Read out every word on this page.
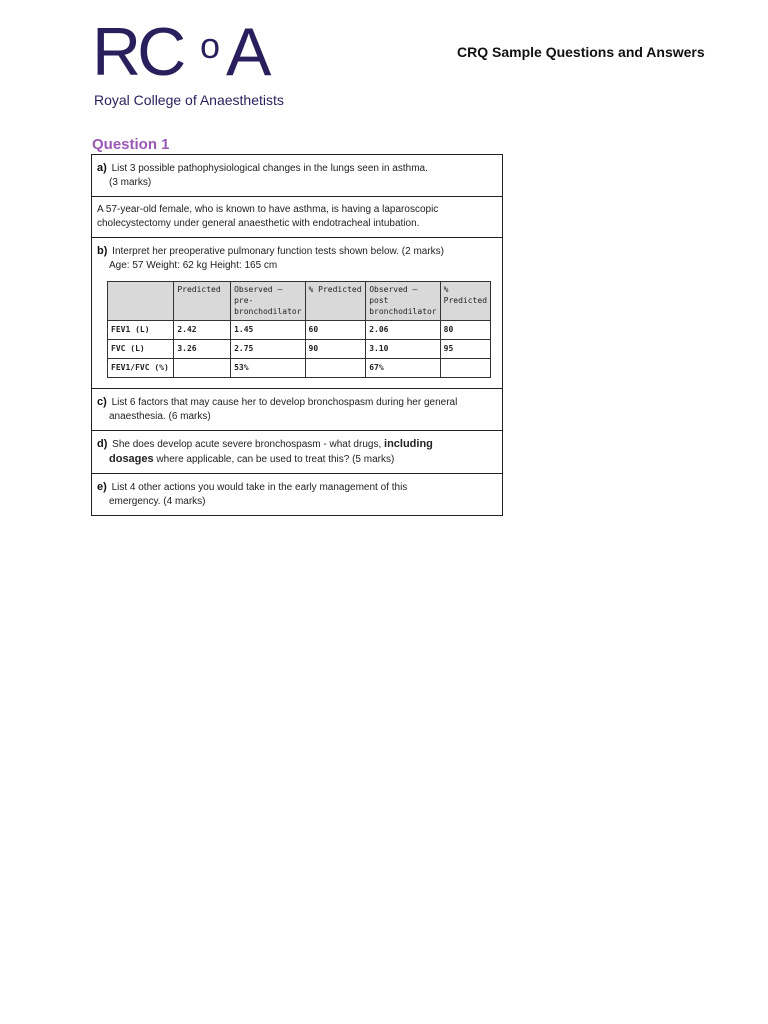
RC o A
Royal College of Anaesthetists
CRQ Sample Questions and Answers
Question 1
a) List 3 possible pathophysiological changes in the lungs seen in asthma.
(3 marks)
A 57-year-old female, who is known to have asthma, is having a laparoscopic cholecystectomy under general anaesthetic with endotracheal intubation.
b) Interpret her preoperative pulmonary function tests shown below. (2 marks)
Age: 57 Weight: 62 kg Height: 165 cm
	Predicted	Observed — pre-bronchodilator	% Predicted	Observed — post bronchodilator	% Predicted
FEV1 (L)	2.42	1.45	60	2.06	80
FVC (L)	3.26	2.75	90	3.10	95
FEV1/FVC (%)		53%		67%	
c) List 6 factors that may cause her to develop bronchospasm during her general
anaesthesia. (6 marks)
d) She does develop acute severe bronchospasm - what drugs, including
dosages where applicable, can be used to treat this? (5 marks)
e) List 4 other actions you would take in the early management of this
emergency. (4 marks)
